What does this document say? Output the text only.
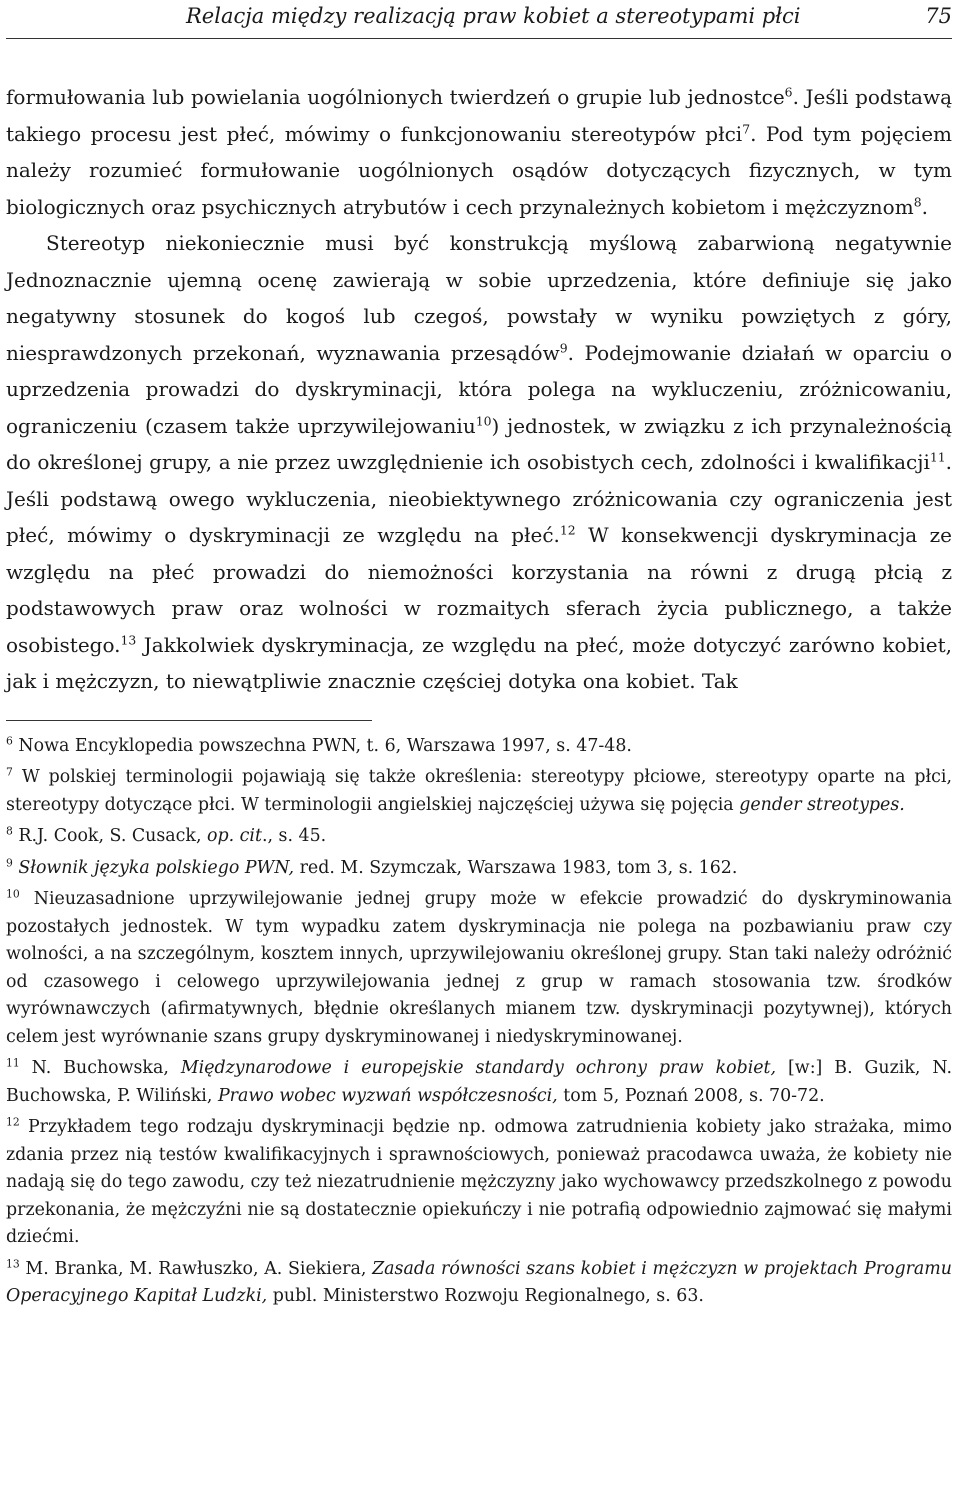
Relacja między realizacją praw kobiet a stereotypami płci	75

formułowania lub powielania uogólnionych twierdzeń o grupie lub jednostce$^6$. Jeśli podstawą takiego procesu jest płeć, mówimy o funkcjonowaniu stereotypów płci$^7$. Pod tym pojęciem należy rozumieć formułowanie uogólnionych osądów dotyczących fizycznych, w tym biologicznych oraz psychicznych atrybutów i cech przynależnych kobietom i mężczyznom$^8$.

Stereotyp niekoniecznie musi być konstrukcją myślową zabarwioną negatywnie Jednoznacznie ujemną ocenę zawierają w sobie uprzedzenia, które definiuje się jako negatywny stosunek do kogoś lub czegoś, powstały w wyniku powziętych z góry, niesprawdzonych przekonań, wyznawania przesądów$^9$. Podejmowanie działań w oparciu o uprzedzenia prowadzi do dyskryminacji, która polega na wykluczeniu, zróżnicowaniu, ograniczeniu (czasem także uprzywilejowaniu$^{10}$) jednostek, w związku z ich przynależnością do określonej grupy, a nie przez uwzględnienie ich osobistych cech, zdolności i kwalifikacji$^{11}$. Jeśli podstawą owego wykluczenia, nieobiektywnego zróżnicowania czy ograniczenia jest płeć, mówimy o dyskryminacji ze względu na płeć.$^{12}$ W konsekwencji dyskryminacja ze względu na płeć prowadzi do niemożności korzystania na równi z drugą płcią z podstawowych praw oraz wolności w rozmaitych sferach życia publicznego, a także osobistego.$^{13}$ Jakkolwiek dyskryminacja, ze względu na płeć, może dotyczyć zarówno kobiet, jak i mężczyzn, to niewątpliwie znacznie częściej dotyka ona kobiet. Tak

$^6$ Nowa Encyklopedia powszechna PWN, t. 6, Warszawa 1997, s. 47-48.

$^7$ W polskiej terminologii pojawiają się także określenia: stereotypy płciowe, stereotypy oparte na płci, stereotypy dotyczące płci. W terminologii angielskiej najczęściej używa się pojęcia gender streotypes.

$^8$ R.J. Cook, S. Cusack, op. cit., s. 45.

$^9$ Słownik języka polskiego PWN, red. M. Szymczak, Warszawa 1983, tom 3, s. 162.

$^{10}$ Nieuzasadnione uprzywilejowanie jednej grupy może w efekcie prowadzić do dyskryminowania pozostałych jednostek. W tym wypadku zatem dyskryminacja nie polega na pozbawianiu praw czy wolności, a na szczególnym, kosztem innych, uprzywilejowaniu określonej grupy. Stan taki należy odróżnić od czasowego i celowego uprzywilejowania jednej z grup w ramach stosowania tzw. środków wyrównawczych (afirmatywnych, błędnie określanych mianem tzw. dyskryminacji pozytywnej), których celem jest wyrównanie szans grupy dyskryminowanej i niedyskryminowanej.

$^{11}$ N. Buchowska, Międzynarodowe i europejskie standardy ochrony praw kobiet, [w:] B. Guzik, N. Buchowska, P. Wiliński, Prawo wobec wyzwań współczesności, tom 5, Poznań 2008, s. 70-72.

$^{12}$ Przykładem tego rodzaju dyskryminacji będzie np. odmowa zatrudnienia kobiety jako strażaka, mimo zdania przez nią testów kwalifikacyjnych i sprawnościowych, ponieważ pracodawca uważa, że kobiety nie nadają się do tego zawodu, czy też niezatrudnienie mężczyzny jako wychowawcy przedszkolnego z powodu przekonania, że mężczyźni nie są dostatecznie opiekuńczy i nie potrafią odpowiednio zajmować się małymi dziećmi.

$^{13}$ M. Branka, M. Rawłuszko, A. Siekiera, Zasada równości szans kobiet i mężczyzn w projektach Programu Operacyjnego Kapitał Ludzki, publ. Ministerstwo Rozwoju Regionalnego, s. 63.
